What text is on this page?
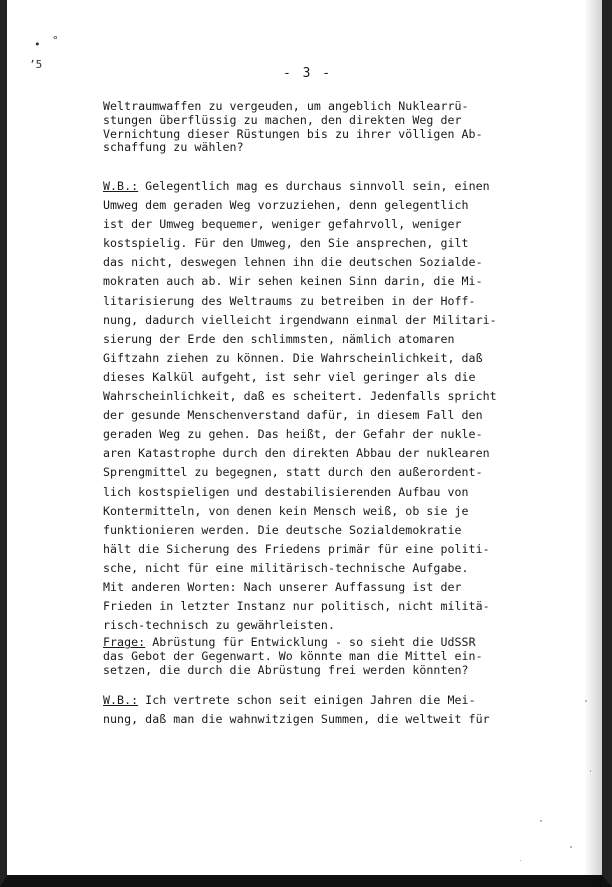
• °
ʼ5
- 3 -

Weltraumwaffen zu vergeuden, um angeblich Nuklearrü-

stungen überflüssig zu machen, den direkten Weg der

Vernichtung dieser Rüstungen bis zu ihrer völligen Ab-

schaffung zu wählen?

W.B.: Gelegentlich mag es durchaus sinnvoll sein, einen

Umweg dem geraden Weg vorzuziehen, denn gelegentlich

ist der Umweg bequemer, weniger gefahrvoll, weniger

kostspielig. Für den Umweg, den Sie ansprechen, gilt

das nicht, deswegen lehnen ihn die deutschen Sozialde-

mokraten auch ab. Wir sehen keinen Sinn darin, die Mi-

litarisierung des Weltraums zu betreiben in der Hoff-

nung, dadurch vielleicht irgendwann einmal der Militari-

sierung der Erde den schlimmsten, nämlich atomaren

Giftzahn ziehen zu können. Die Wahrscheinlichkeit, daß

dieses Kalkül aufgeht, ist sehr viel geringer als die

Wahrscheinlichkeit, daß es scheitert. Jedenfalls spricht

der gesunde Menschenverstand dafür, in diesem Fall den

geraden Weg zu gehen. Das heißt, der Gefahr der nukle-

aren Katastrophe durch den direkten Abbau der nuklearen

Sprengmittel zu begegnen, statt durch den außerordent-

lich kostspieligen und destabilisierenden Aufbau von

Kontermitteln, von denen kein Mensch weiß, ob sie je

funktionieren werden. Die deutsche Sozialdemokratie

hält die Sicherung des Friedens primär für eine politi-

sche, nicht für eine militärisch-technische Aufgabe.

Mit anderen Worten: Nach unserer Auffassung ist der

Frieden in letzter Instanz nur politisch, nicht militä-

risch-technisch zu gewährleisten.

Frage: Abrüstung für Entwicklung - so sieht die UdSSR

das Gebot der Gegenwart. Wo könnte man die Mittel ein-

setzen, die durch die Abrüstung frei werden könnten?

W.B.: Ich vertrete schon seit einigen Jahren die Mei-

nung, daß man die wahnwitzigen Summen, die weltweit für
